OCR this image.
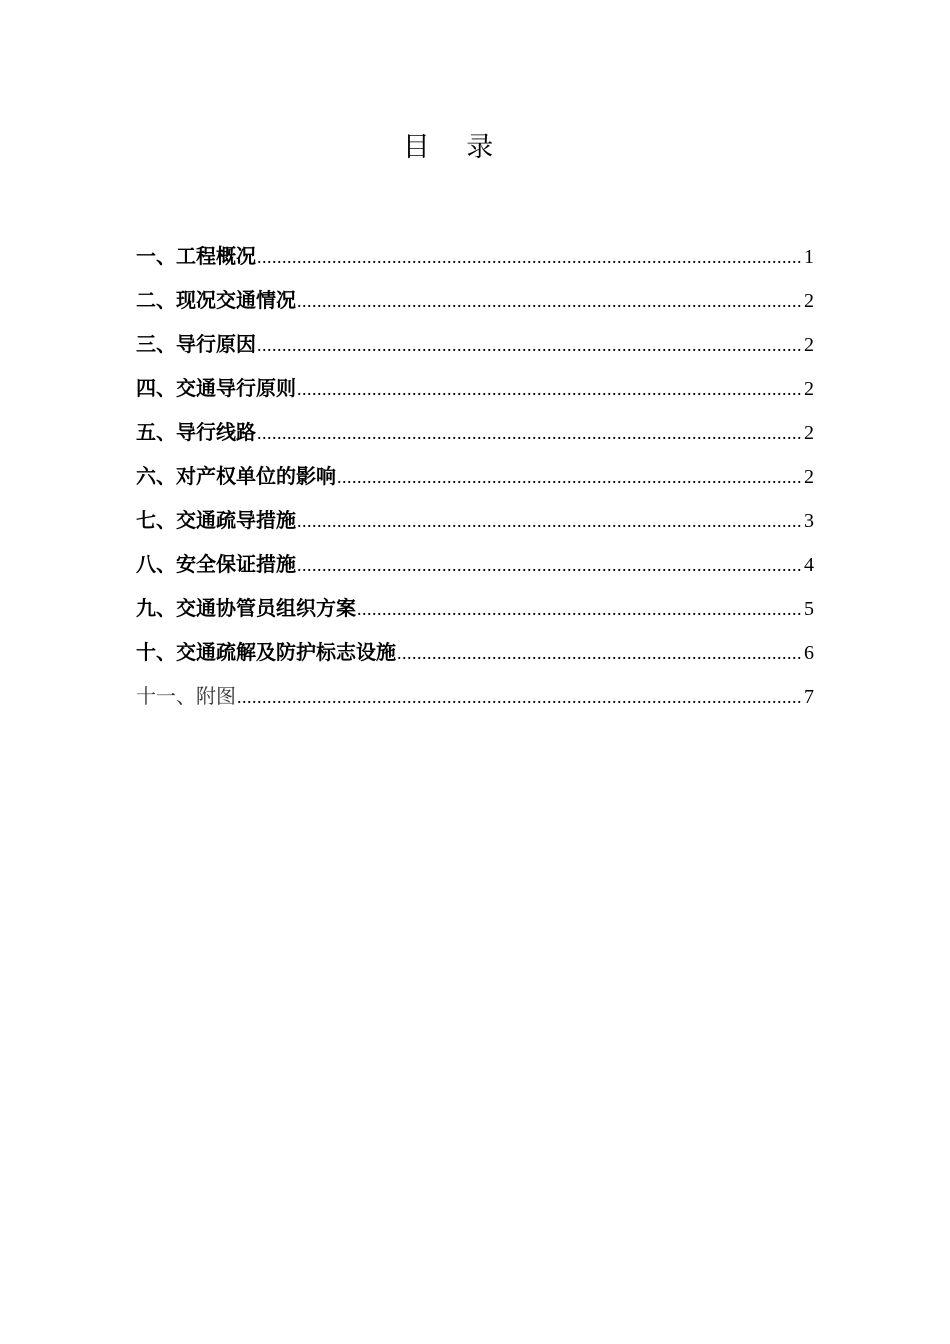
目 录
一、工程概况 .....	1
二、现况交通情况 .....	2
三、导行原因 .....	2
四、交通导行原则 .....	2
五、导行线路 .....	2
六、对产权单位的影响 .....	2
七、交通疏导措施 .....	3
八、安全保证措施 .....	4
九、交通协管员组织方案 .....	5
十、交通疏解及防护标志设施 .....	6
十一、附图 .....	7
